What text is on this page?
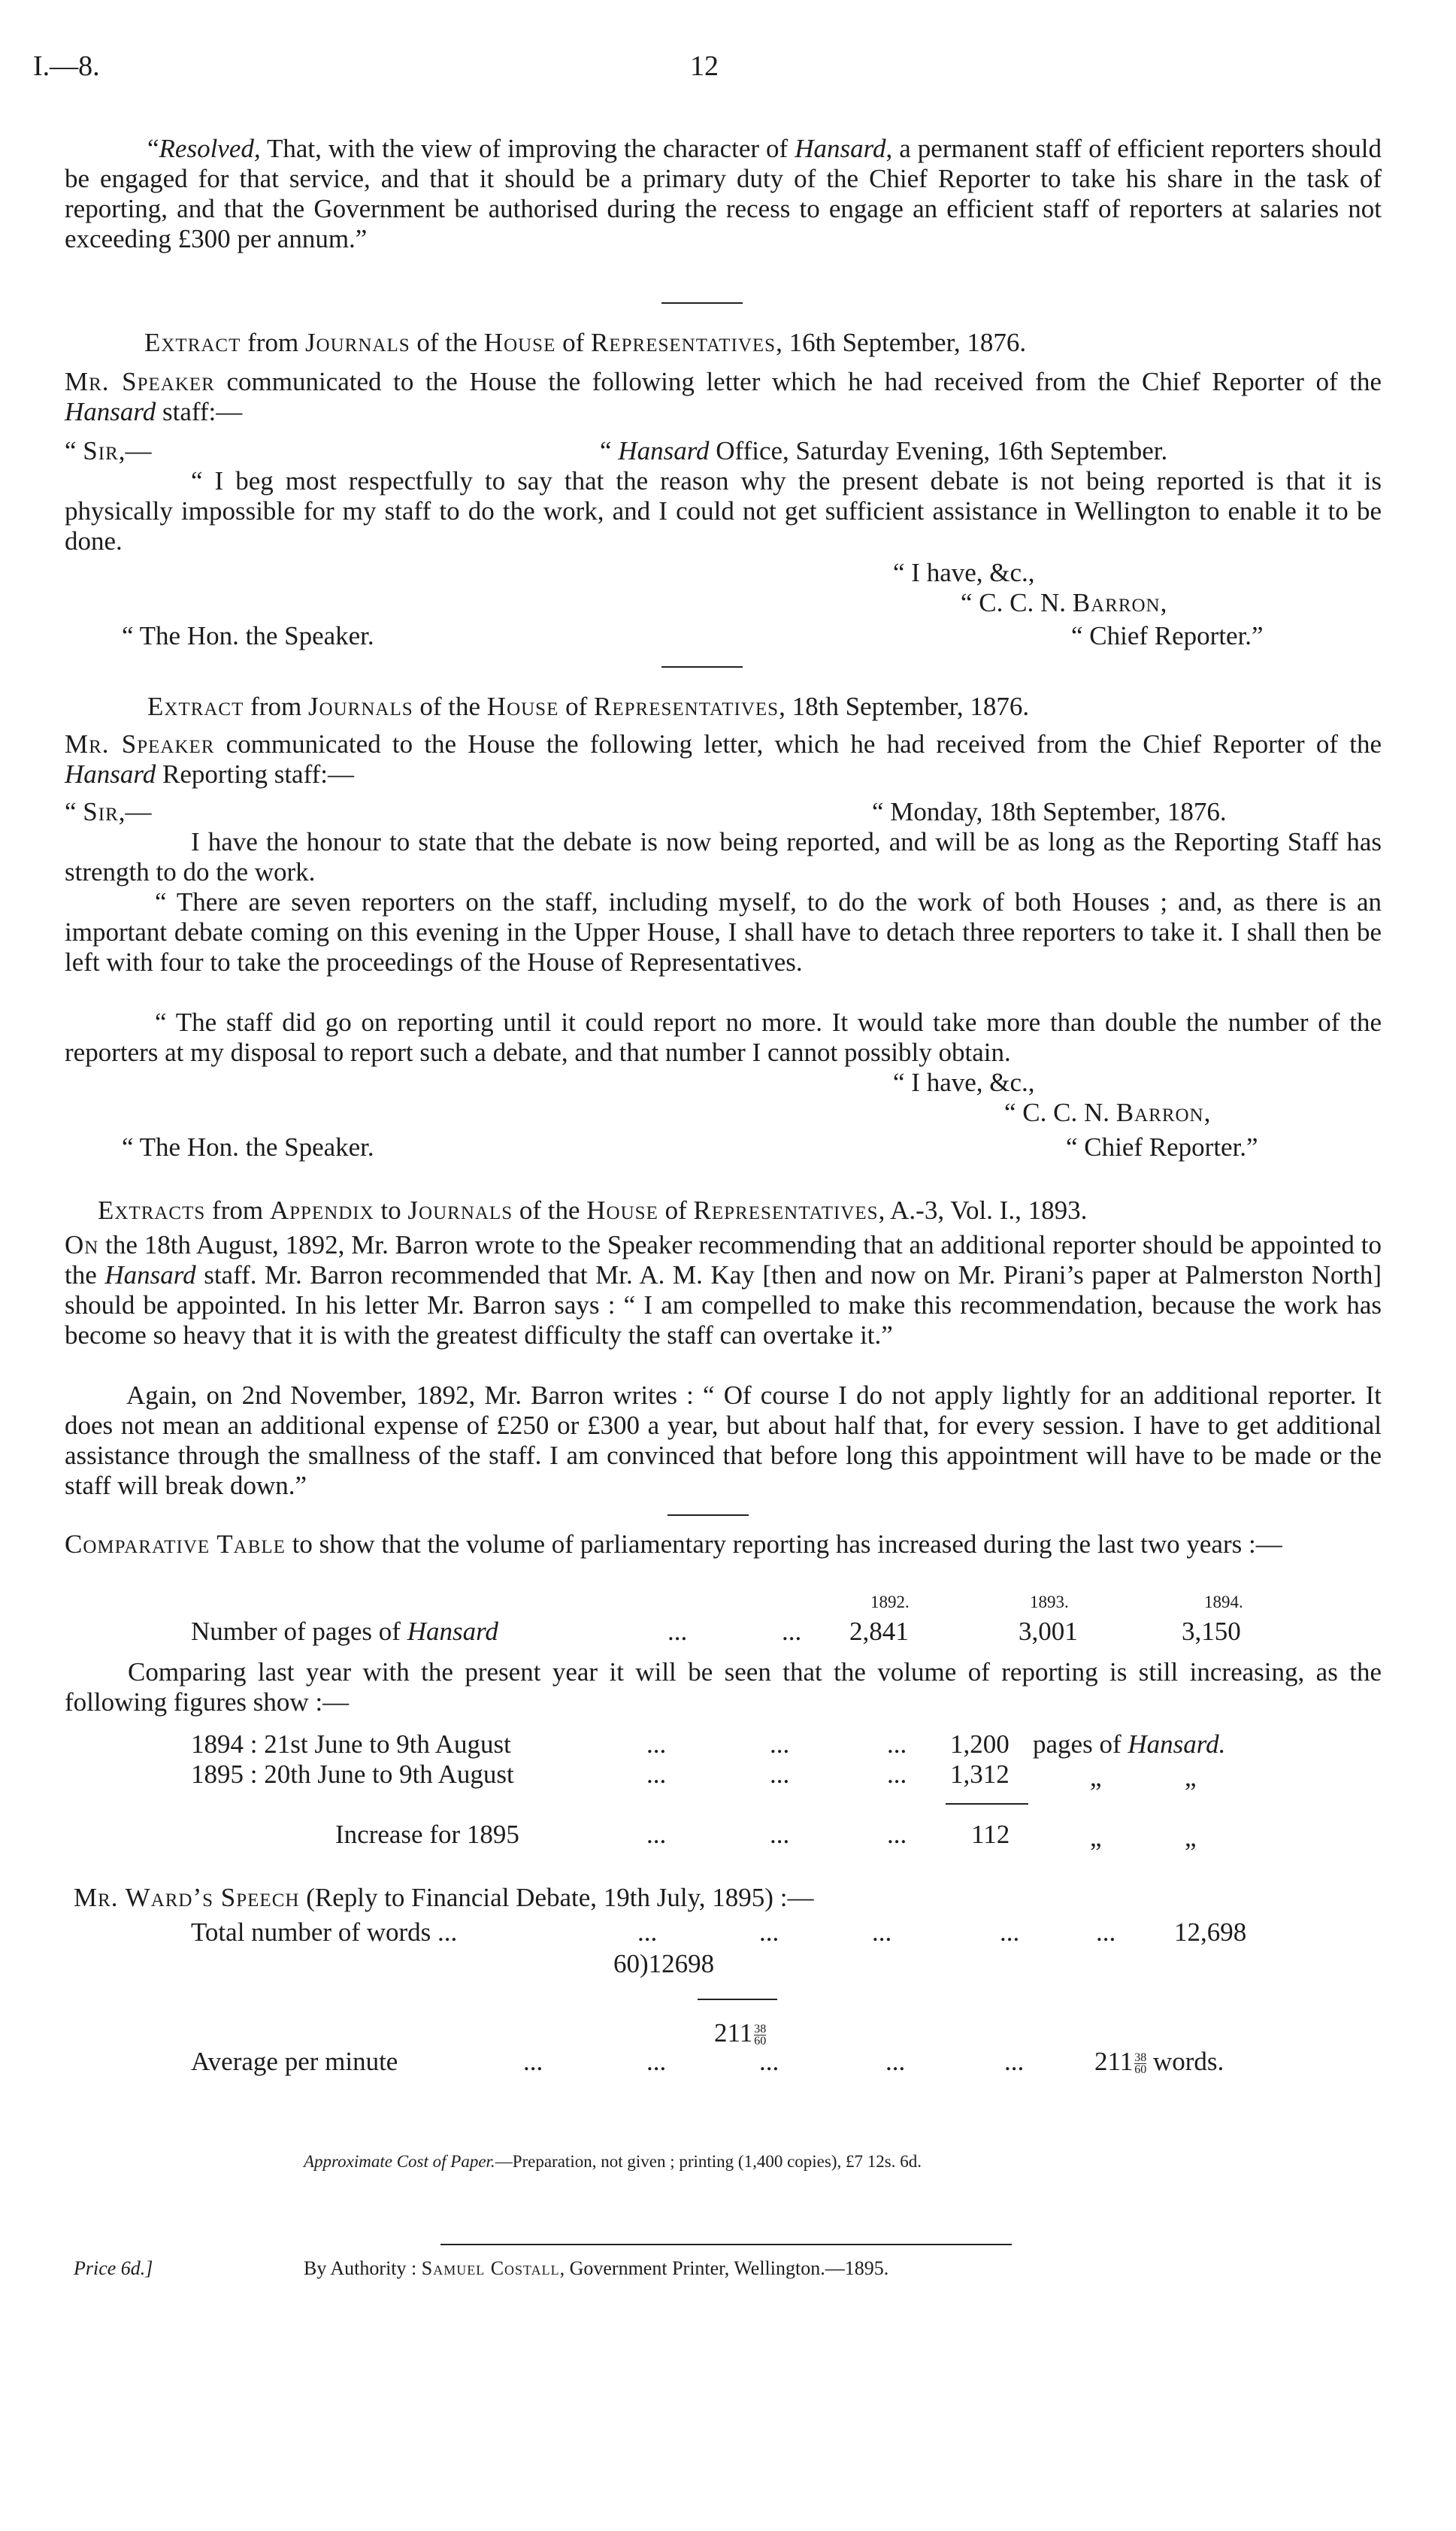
I.—8.	12
“Resolved, That, with the view of improving the character of Hansard, a permanent staff of efficient reporters should be engaged for that service, and that it should be a primary duty of the Chief Reporter to take his share in the task of reporting, and that the Government be authorised during the recess to engage an efficient staff of reporters at salaries not exceeding £300 per annum.”
Extract from Journals of the House of Representatives, 16th September, 1876.
Mr. Speaker communicated to the House the following letter which he had received from the Chief Reporter of the Hansard staff:—
“ Sir,—	“ Hansard Office, Saturday Evening, 16th September.
“ I beg most respectfully to say that the reason why the present debate is not being reported is that it is physically impossible for my staff to do the work, and I could not get sufficient assistance in Wellington to enable it to be done.
“ I have, &c.,
“ C. C. N. Barron,
“ The Hon. the Speaker.	“ Chief Reporter.”
Extract from Journals of the House of Representatives, 18th September, 1876.
Mr. Speaker communicated to the House the following letter, which he had received from the Chief Reporter of the Hansard Reporting staff:—
“ Sir,—	“ Monday, 18th September, 1876.
I have the honour to state that the debate is now being reported, and will be as long as the Reporting Staff has strength to do the work.
“ There are seven reporters on the staff, including myself, to do the work of both Houses ; and, as there is an important debate coming on this evening in the Upper House, I shall have to detach three reporters to take it. I shall then be left with four to take the proceedings of the House of Representatives.
“ The staff did go on reporting until it could report no more. It would take more than double the number of the reporters at my disposal to report such a debate, and that number I cannot possibly obtain.
“ I have, &c.,
“ C. C. N. Barron,
“ The Hon. the Speaker.	“ Chief Reporter.”
Extracts from Appendix to Journals of the House of Representatives, A.-3, Vol. I., 1893.
On the 18th August, 1892, Mr. Barron wrote to the Speaker recommending that an additional reporter should be appointed to the Hansard staff. Mr. Barron recommended that Mr. A. M. Kay [then and now on Mr. Pirani’s paper at Palmerston North] should be appointed. In his letter Mr. Barron says : “ I am compelled to make this recommendation, because the work has become so heavy that it is with the greatest difficulty the staff can overtake it.”
Again, on 2nd November, 1892, Mr. Barron writes : “ Of course I do not apply lightly for an additional reporter. It does not mean an additional expense of £250 or £300 a year, but about half that, for every session. I have to get additional assistance through the smallness of the staff. I am convinced that before long this appointment will have to be made or the staff will break down.”
Comparative Table to show that the volume of parliamentary reporting has increased during the last two years :—
1892.	1893.	1894.
Number of pages of Hansard	...	... 2,841	3,001	3,150
Comparing last year with the present year it will be seen that the volume of reporting is still increasing, as the following figures show :—
1894 : 21st June to 9th August	...	...	... 1,200 pages of Hansard.
1895 : 20th June to 9th August	...	...	... 1,312	„	„
Increase for 1895	...	...	... 112	„	„
Mr. Ward’s Speech (Reply to Financial Debate, 19th July, 1895) :—
Total number of words ...	...	...	...	...	... 12,698
60)12698
$211 \frac{38}{60}$
Average per minute	...	...	...	...	...	$211 \frac{38}{60}$ words.
Approximate Cost of Paper.—Preparation, not given ; printing (1,400 copies), £7 12s. 6d.
Price 6d.]	By Authority : Samuel Costall, Government Printer, Wellington.—1895.
